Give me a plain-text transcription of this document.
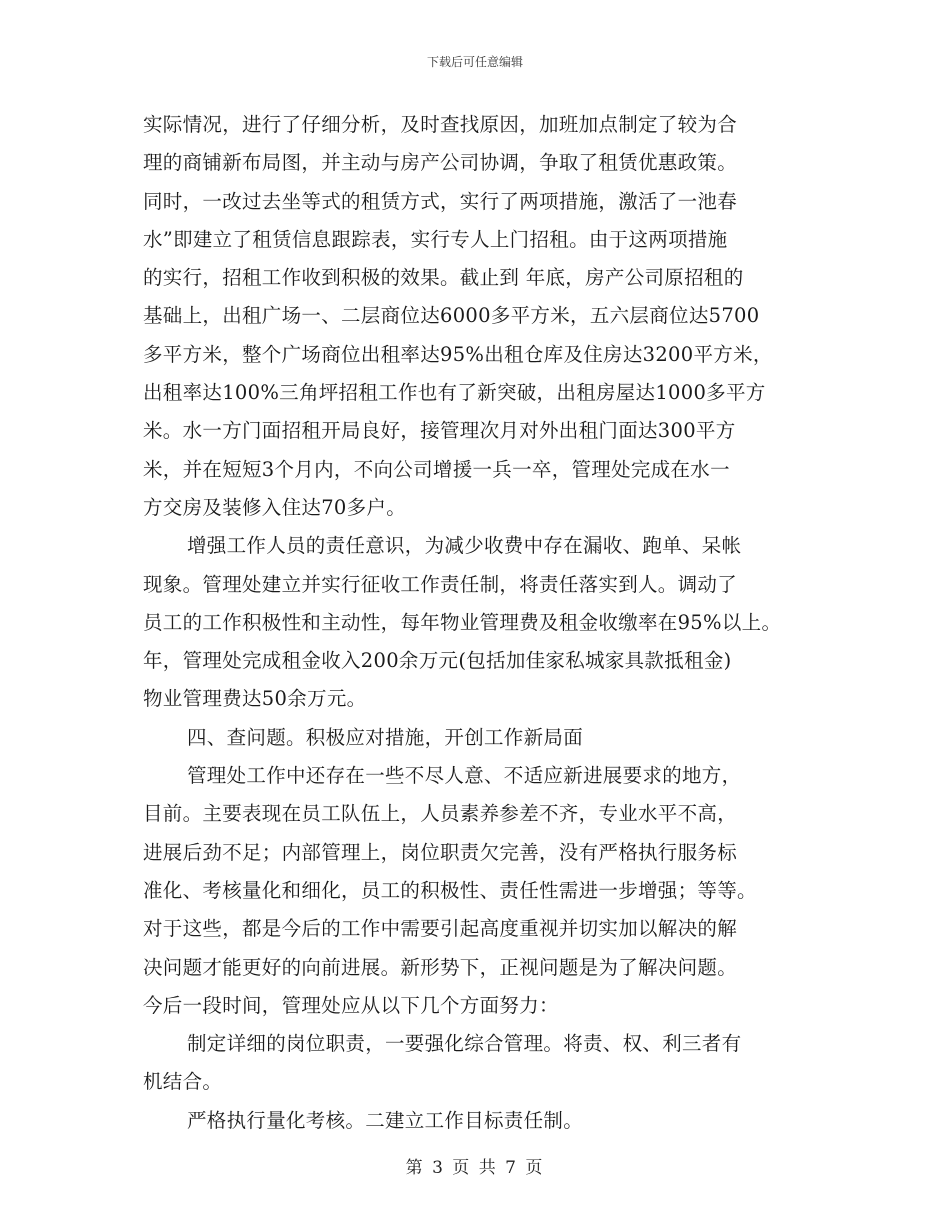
下载后可任意编辑
实际情况，进行了仔细分析，及时查找原因，加班加点制定了较为合
理的商铺新布局图，并主动与房产公司协调，争取了租赁优惠政策。
同时，一改过去坐等式的租赁方式，实行了两项措施，激活了一池春
水”即建立了租赁信息跟踪表，实行专人上门招租。由于这两项措施
的实行，招租工作收到积极的效果。截止到 年底，房产公司原招租的
基础上，出租广场一、二层商位达6000多平方米，五六层商位达5700
多平方米，整个广场商位出租率达95%出租仓库及住房达3200平方米，
出租率达100%三角坪招租工作也有了新突破，出租房屋达1000多平方
米。水一方门面招租开局良好，接管理次月对外出租门面达300平方
米，并在短短3个月内，不向公司增援一兵一卒，管理处完成在水一
方交房及装修入住达70多户。
增强工作人员的责任意识，为减少收费中存在漏收、跑单、呆帐
现象。管理处建立并实行征收工作责任制，将责任落实到人。调动了
员工的工作积极性和主动性，每年物业管理费及租金收缴率在95%以上。
年，管理处完成租金收入200余万元(包括加佳家私城家具款抵租金)
物业管理费达50余万元。
四、查问题。积极应对措施，开创工作新局面
管理处工作中还存在一些不尽人意、不适应新进展要求的地方，
目前。主要表现在员工队伍上，人员素养参差不齐，专业水平不高，
进展后劲不足；内部管理上，岗位职责欠完善，没有严格执行服务标
准化、考核量化和细化，员工的积极性、责任性需进一步增强；等等。
对于这些，都是今后的工作中需要引起高度重视并切实加以解决的解
决问题才能更好的向前进展。新形势下，正视问题是为了解决问题。
今后一段时间，管理处应从以下几个方面努力：
制定详细的岗位职责，一要强化综合管理。将责、权、利三者有
机结合。
严格执行量化考核。二建立工作目标责任制。
第 3 页 共 7 页
